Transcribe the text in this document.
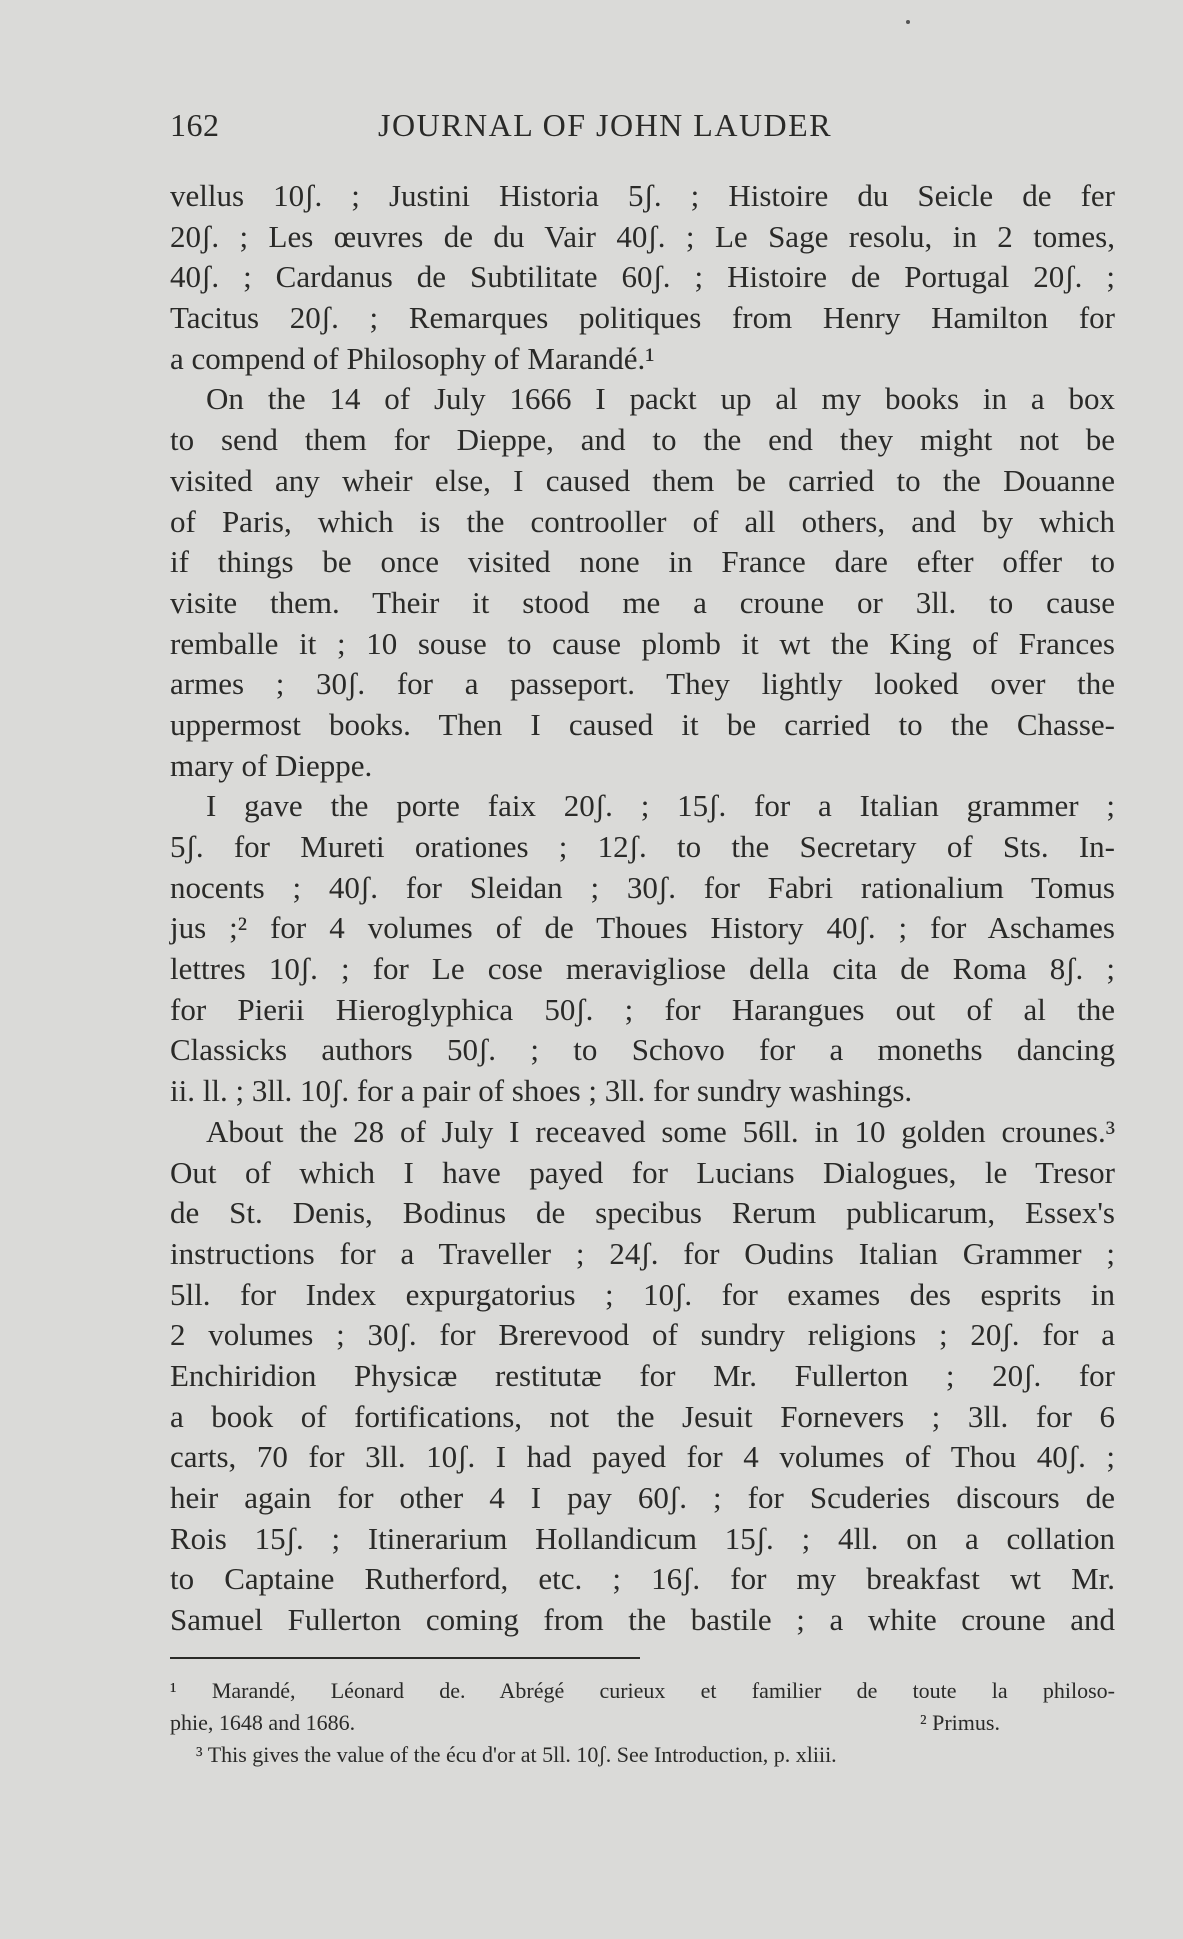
162	JOURNAL OF JOHN LAUDER
vellus 10ʃ. ; Justini Historia 5ʃ. ; Histoire du Seicle de fer
20ʃ. ; Les œuvres de du Vair 40ʃ. ; Le Sage resolu, in 2 tomes,
40ʃ. ; Cardanus de Subtilitate 60ʃ. ; Histoire de Portugal 20ʃ. ;
Tacitus 20ʃ. ; Remarques politiques from Henry Hamilton for
a compend of Philosophy of Marandé.¹
On the 14 of July 1666 I packt up al my books in a box
to send them for Dieppe, and to the end they might not be
visited any wheir else, I caused them be carried to the Douanne
of Paris, which is the controoller of all others, and by which
if things be once visited none in France dare efter offer to
visite them. Their it stood me a croune or 3ll. to cause
remballe it ; 10 souse to cause plomb it wt the King of Frances
armes ; 30ʃ. for a passeport. They lightly looked over the
uppermost books. Then I caused it be carried to the Chasse-
mary of Dieppe.
I gave the porte faix 20ʃ. ; 15ʃ. for a Italian grammer ;
5ʃ. for Mureti orationes ; 12ʃ. to the Secretary of Sts. In-
nocents ; 40ʃ. for Sleidan ; 30ʃ. for Fabri rationalium Tomus
jus ;² for 4 volumes of de Thoues History 40ʃ. ; for Aschames
lettres 10ʃ. ; for Le cose meravigliose della cita de Roma 8ʃ. ;
for Pierii Hieroglyphica 50ʃ. ; for Harangues out of al the
Classicks authors 50ʃ. ; to Schovo for a moneths dancing
ii. ll. ; 3ll. 10ʃ. for a pair of shoes ; 3ll. for sundry washings.
About the 28 of July I receaved some 56ll. in 10 golden crounes.³
Out of which I have payed for Lucians Dialogues, le Tresor
de St. Denis, Bodinus de specibus Rerum publicarum, Essex's
instructions for a Traveller ; 24ʃ. for Oudins Italian Grammer ;
5ll. for Index expurgatorius ; 10ʃ. for exames des esprits in
2 volumes ; 30ʃ. for Brerevood of sundry religions ; 20ʃ. for a
Enchiridion Physicæ restitutæ for Mr. Fullerton ; 20ʃ. for
a book of fortifications, not the Jesuit Fornevers ; 3ll. for 6
carts, 70 for 3ll. 10ʃ. I had payed for 4 volumes of Thou 40ʃ. ;
heir again for other 4 I pay 60ʃ. ; for Scuderies discours de
Rois 15ʃ. ; Itinerarium Hollandicum 15ʃ. ; 4ll. on a collation
to Captaine Rutherford, etc. ; 16ʃ. for my breakfast wt Mr.
Samuel Fullerton coming from the bastile ; a white croune and
¹ Marandé, Léonard de. Abrégé curieux et familier de toute la philoso-
phie, 1648 and 1686.	² Primus.
³ This gives the value of the écu d'or at 5ll. 10ʃ. See Introduction, p. xliii.
